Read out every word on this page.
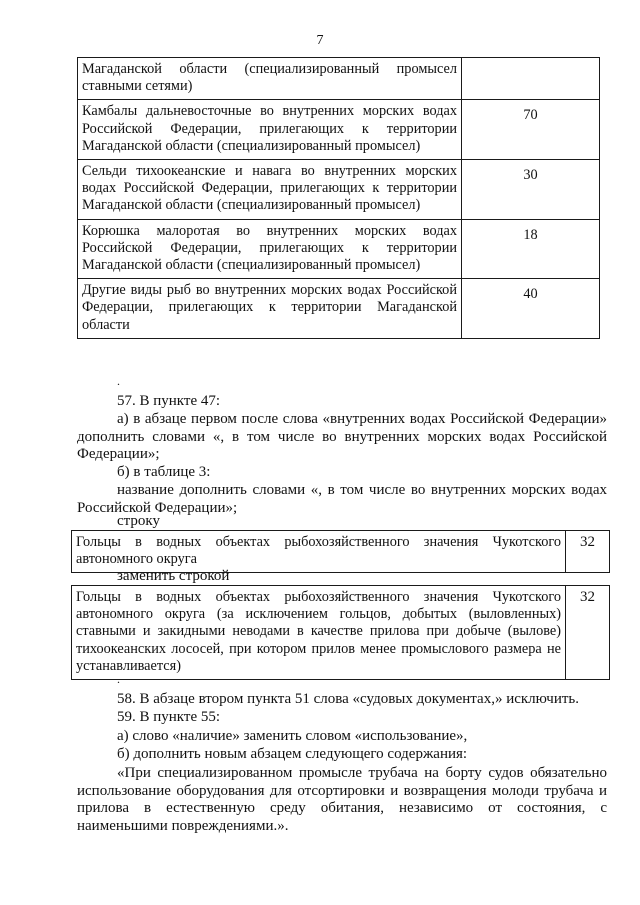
7
Магаданской области (специализированный промысел ставными сетями)	
Камбалы дальневосточные во внутренних морских водах Российской Федерации, прилегающих к территории Магаданской области (специализированный промысел)	70
Сельди тихоокеанские и навага во внутренних морских водах Российской Федерации, прилегающих к территории Магаданской области (специализированный промысел)	30
Корюшка малоротая во внутренних морских водах Российской Федерации, прилегающих к территории Магаданской области (специализированный промысел)	18
Другие виды рыб во внутренних морских водах Российской Федерации, прилегающих к территории Магаданской области	40
.

57. В пункте 47:

а) в абзаце первом после слова «внутренних водах Российской Федерации» дополнить словами «, в том числе во внутренних морских водах Российской Федерации»;

б) в таблице 3:

название дополнить словами «, в том числе во внутренних морских водах Российской Федерации»;

строку

Гольцы в водных объектах рыбохозяйственного значения Чукотского автономного округа	32

заменить строкой

Гольцы в водных объектах рыбохозяйственного значения Чукотского автономного округа (за исключением гольцов, добытых (выловленных) ставными и закидными неводами в качестве прилова при добыче (вылове) тихоокеанских лососей, при котором прилов менее промыслового размера не устанавливается)	32
.

58. В абзаце втором пункта 51 слова «судовых документах,» исключить.

59. В пункте 55:

а) слово «наличие» заменить словом «использование»,

б) дополнить новым абзацем следующего содержания:

«При специализированном промысле трубача на борту судов обязательно использование оборудования для отсортировки и возвращения молоди трубача и прилова в естественную среду обитания, независимо от состояния, с наименьшими повреждениями.».
